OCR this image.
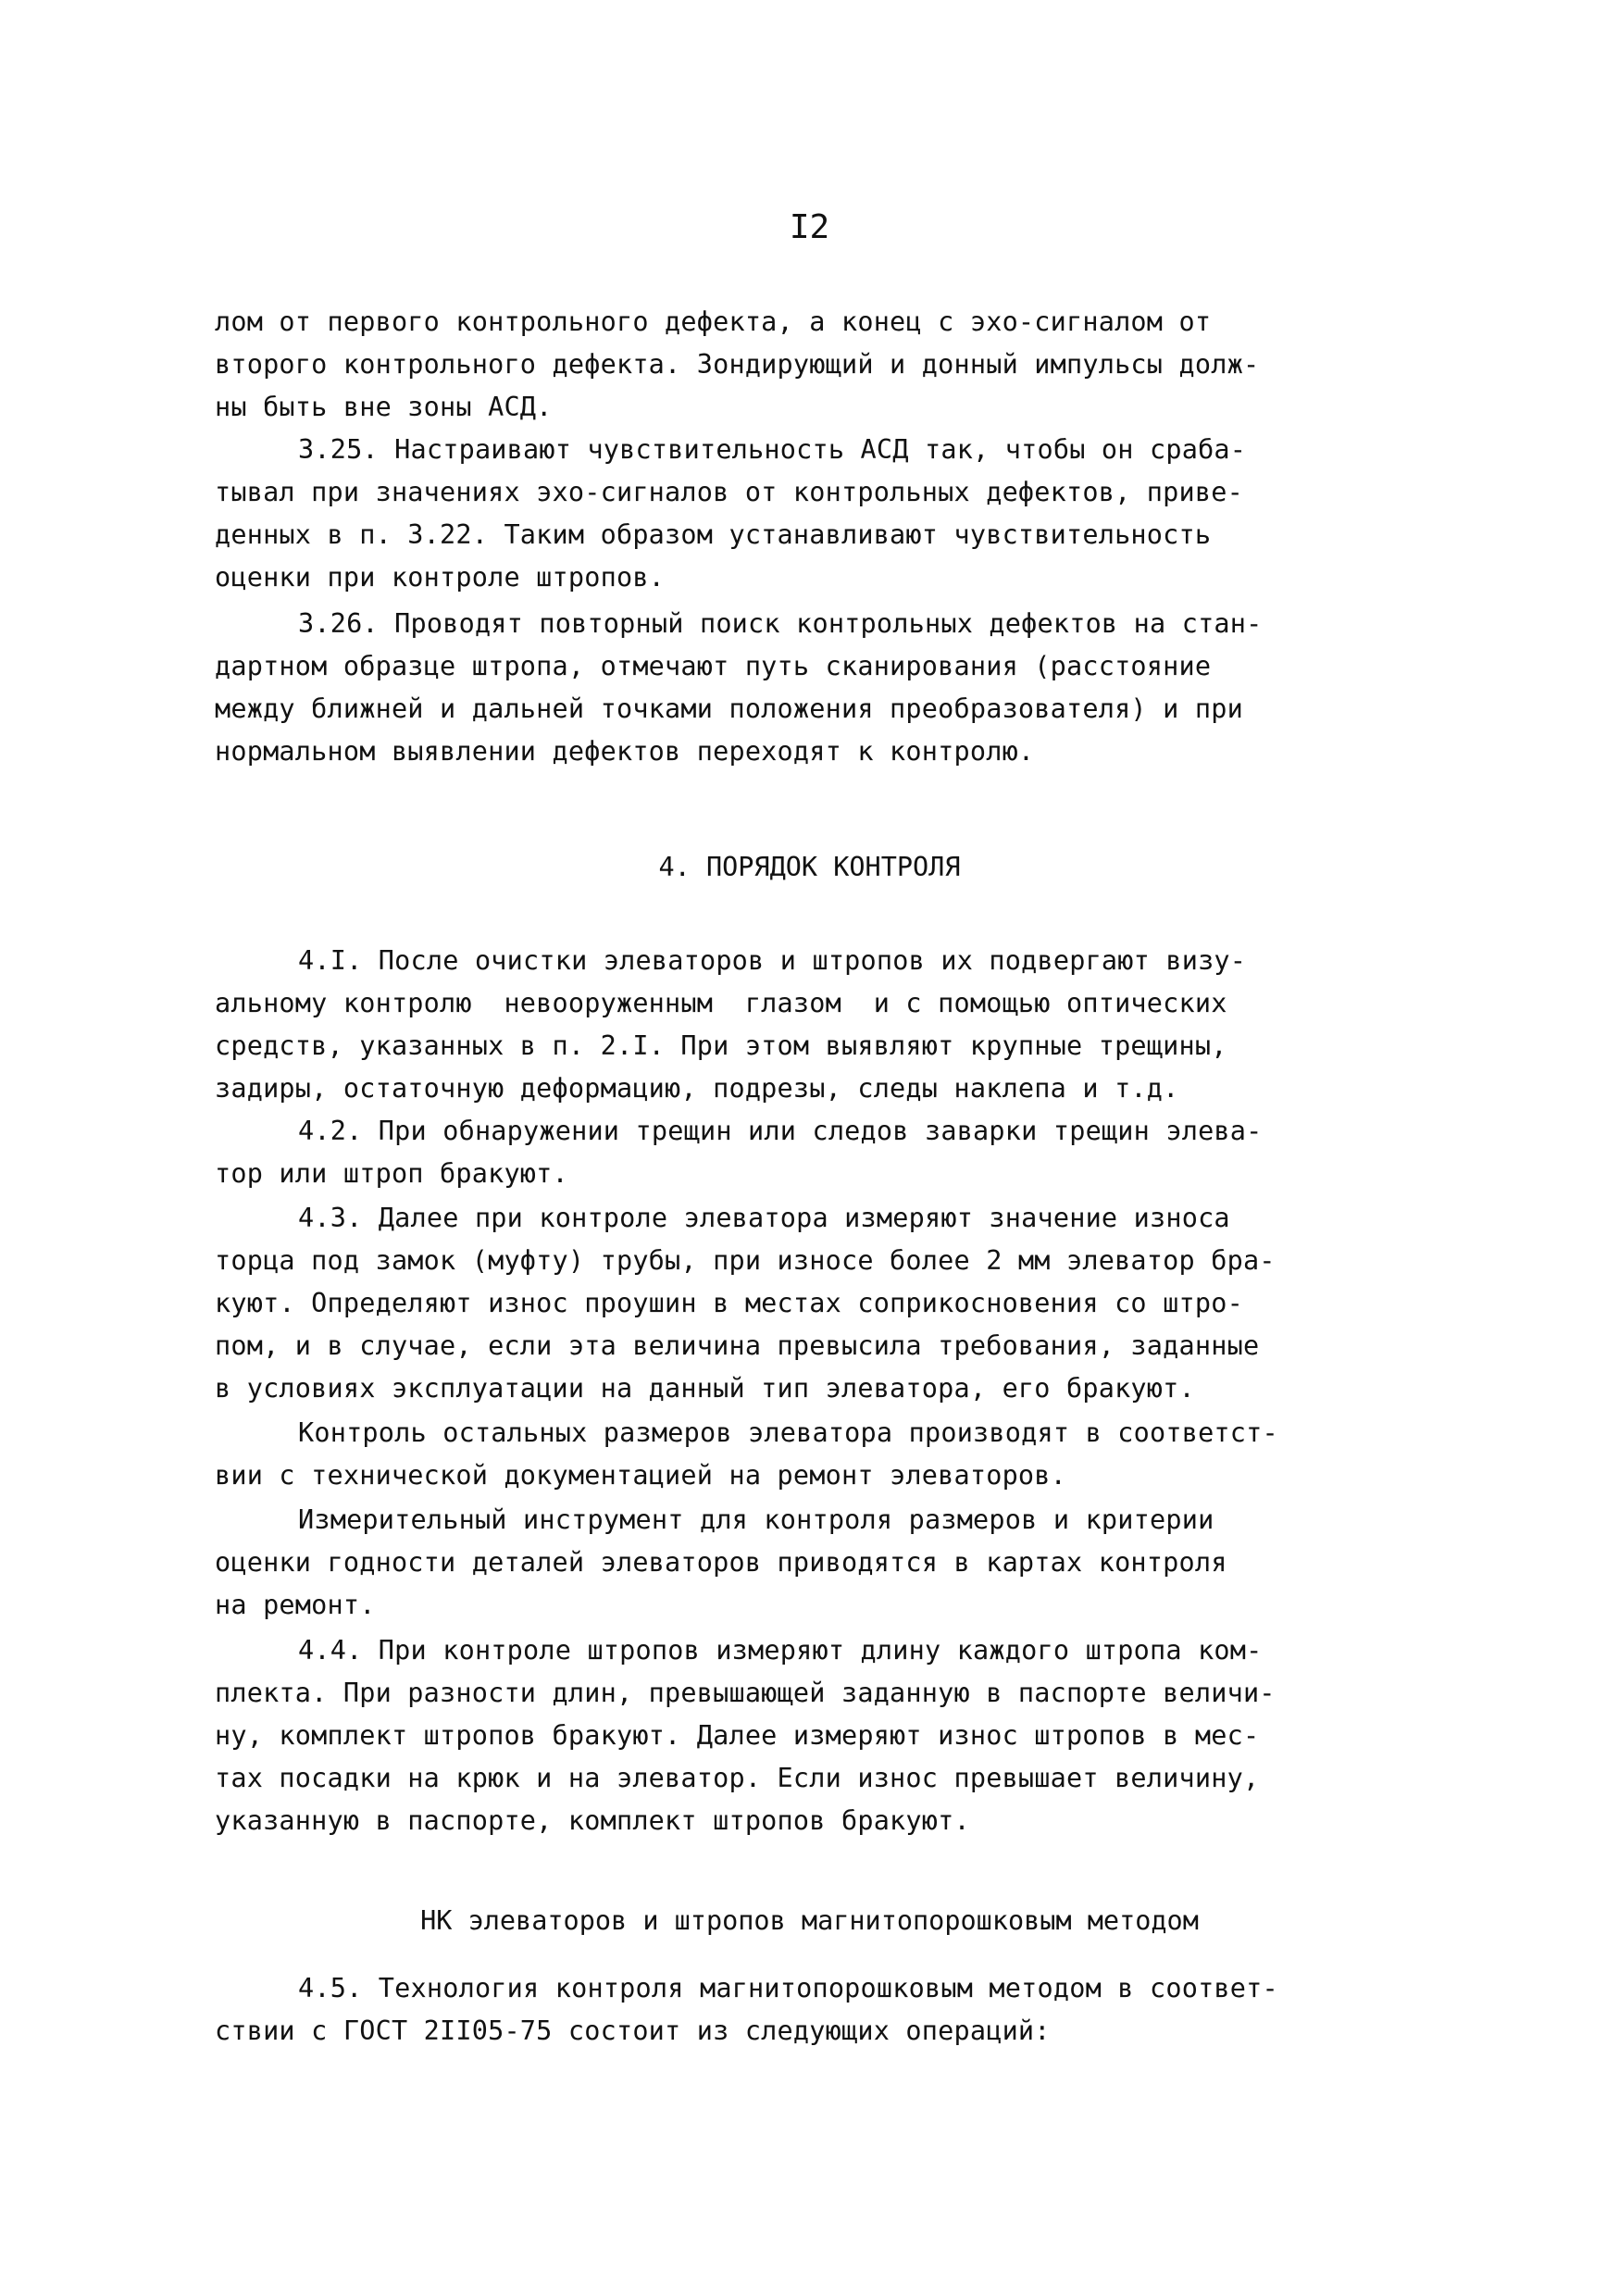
I2
лом от первого контрольного дефекта, а конец с эхо-сигналом от
второго контрольного дефекта. Зондирующий и донный импульсы долж-
ны быть вне зоны АСД.
3.25. Настраивают чувствительность АСД так, чтобы он сраба-
тывал при значениях эхо-сигналов от контрольных дефектов, приве-
денных в п. 3.22. Таким образом устанавливают чувствительность
оценки при контроле штропов.
3.26. Проводят повторный поиск контрольных дефектов на стан-
дартном образце штропа, отмечают путь сканирования (расстояние
между ближней и дальней точками положения преобразователя) и при
нормальном выявлении дефектов переходят к контролю.
4. ПОРЯДОК КОНТРОЛЯ
4.I. После очистки элеваторов и штропов их подвергают визу-
альному контролю  невооруженным  глазом  и с помощью оптических
средств, указанных в п. 2.I. При этом выявляют крупные трещины,
задиры, остаточную деформацию, подрезы, следы наклепа и т.д.
4.2. При обнаружении трещин или следов заварки трещин элева-
тор или штроп бракуют.
4.3. Далее при контроле элеватора измеряют значение износа
торца под замок (муфту) трубы, при износе более 2 мм элеватор бра-
куют. Определяют износ проушин в местах соприкосновения со штро-
пом, и в случае, если эта величина превысила требования, заданные
в условиях эксплуатации на данный тип элеватора, его бракуют.
Контроль остальных размеров элеватора производят в соответст-
вии с технической документацией на ремонт элеваторов.
Измерительный инструмент для контроля размеров и критерии
оценки годности деталей элеваторов приводятся в картах контроля
на ремонт.
4.4. При контроле штропов измеряют длину каждого штропа ком-
плекта. При разности длин, превышающей заданную в паспорте величи-
ну, комплект штропов бракуют. Далее измеряют износ штропов в мес-
тах посадки на крюк и на элеватор. Если износ превышает величину,
указанную в паспорте, комплект штропов бракуют.
НК элеваторов и штропов магнитопорошковым методом
4.5. Технология контроля магнитопорошковым методом в соответ-
ствии с ГОСТ 2II05-75 состоит из следующих операций:
